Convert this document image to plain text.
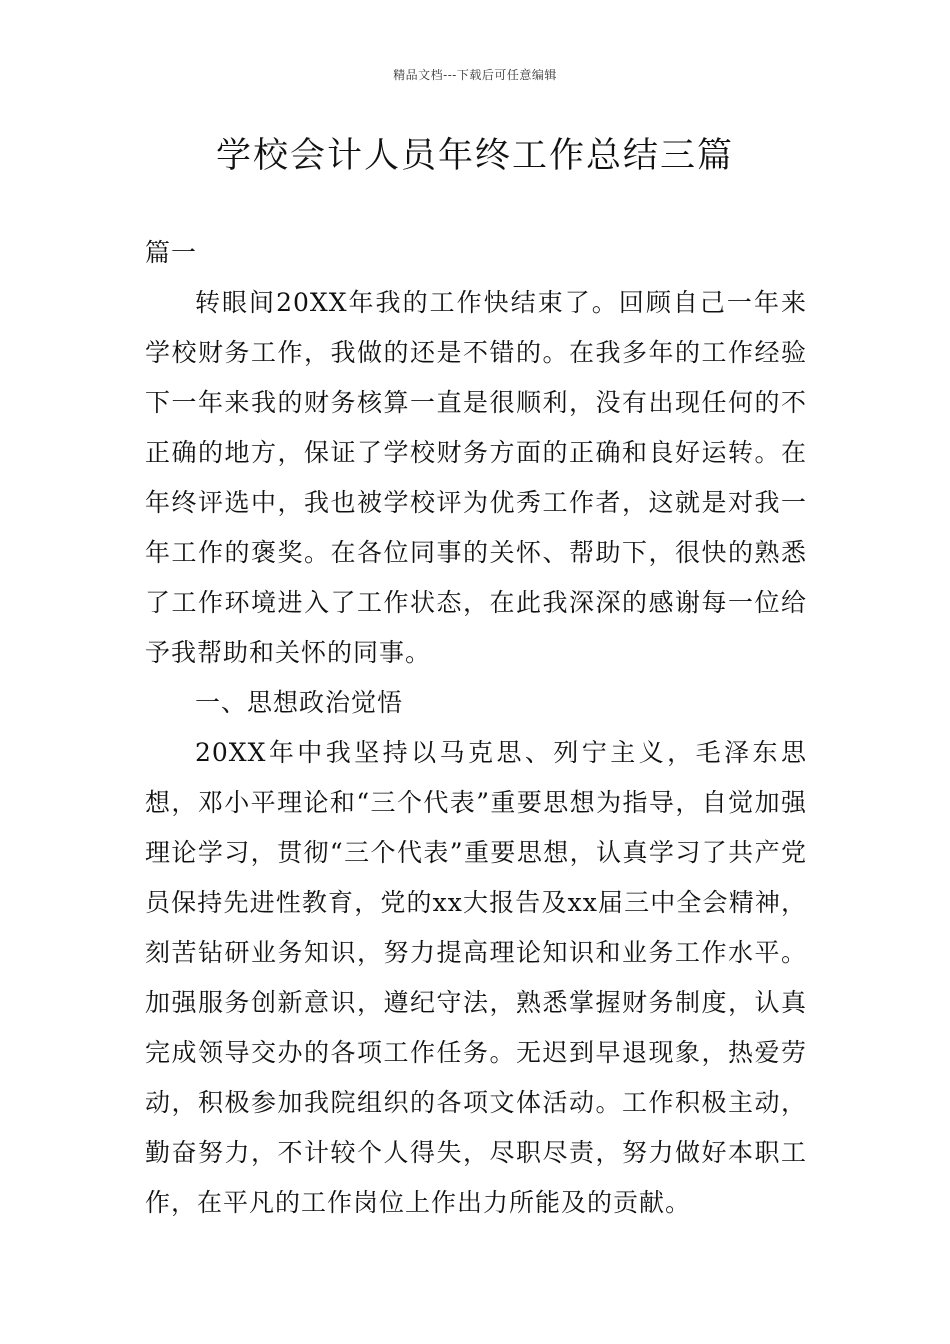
精品文档---下载后可任意编辑
学校会计人员年终工作总结三篇

篇一

转眼间20XX年我的工作快结束了。回顾自己一年来学校财务工作，我做的还是不错的。在我多年的工作经验下一年来我的财务核算一直是很顺利，没有出现任何的不正确的地方，保证了学校财务方面的正确和良好运转。在年终评选中，我也被学校评为优秀工作者，这就是对我一年工作的褒奖。在各位同事的关怀、帮助下，很快的熟悉了工作环境进入了工作状态，在此我深深的感谢每一位给予我帮助和关怀的同事。

一、思想政治觉悟

20XX年中我坚持以马克思、列宁主义，毛泽东思想，邓小平理论和“三个代表”重要思想为指导，自觉加强理论学习，贯彻“三个代表”重要思想，认真学习了共产党员保持先进性教育，党的xx大报告及xx届三中全会精神，刻苦钻研业务知识，努力提高理论知识和业务工作水平。加强服务创新意识，遵纪守法，熟悉掌握财务制度，认真完成领导交办的各项工作任务。无迟到早退现象，热爱劳动，积极参加我院组织的各项文体活动。工作积极主动，勤奋努力，不计较个人得失，尽职尽责，努力做好本职工作，在平凡的工作岗位上作出力所能及的贡献。
